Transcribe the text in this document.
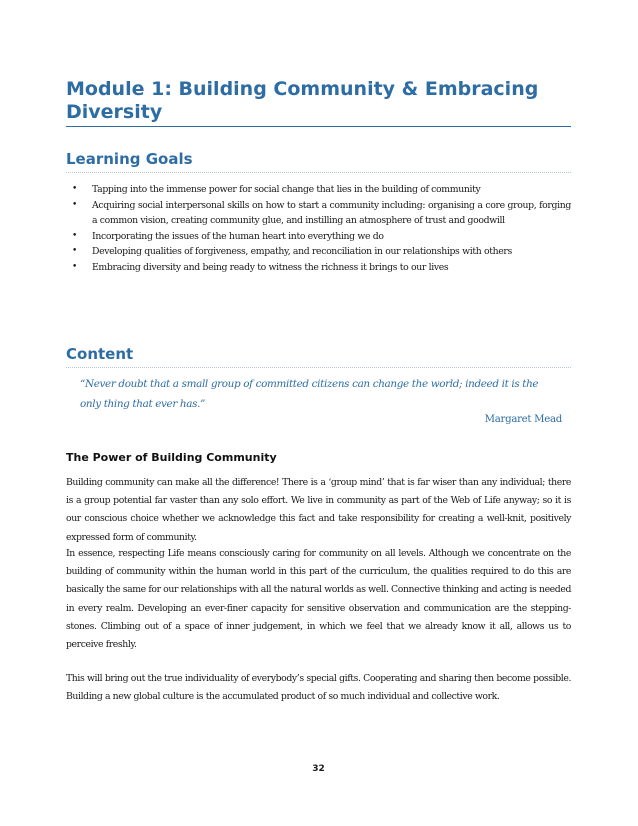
Module 1: Building Community & Embracing Diversity
Learning Goals
• Tapping into the immense power for social change that lies in the building of community
• Acquiring social interpersonal skills on how to start a community including: organising a core group, forging a common vision, creating community glue, and instilling an atmosphere of trust and goodwill
• Incorporating the issues of the human heart into everything we do
• Developing qualities of forgiveness, empathy, and reconciliation in our relationships with others
• Embracing diversity and being ready to witness the richness it brings to our lives
Content

“Never doubt that a small group of committed citizens can change the world; indeed it is the only thing that ever has.”

Margaret Mead

The Power of Building Community

Building community can make all the difference! There is a ‘group mind’ that is far wiser than any individual; there is a group potential far vaster than any solo effort. We live in community as part of the Web of Life anyway; so it is our conscious choice whether we acknowledge this fact and take responsibility for creating a well-knit, positively expressed form of community.

In essence, respecting Life means consciously caring for community on all levels. Although we concentrate on the building of community within the human world in this part of the curriculum, the qualities required to do this are basically the same for our relationships with all the natural worlds as well. Connective thinking and acting is needed in every realm. Developing an ever-finer capacity for sensitive observation and communication are the stepping-stones. Climbing out of a space of inner judgement, in which we feel that we already know it all, allows us to perceive freshly.

This will bring out the true individuality of everybody’s special gifts. Cooperating and sharing then become possible. Building a new global culture is the accumulated product of so much individual and collective work.

32
